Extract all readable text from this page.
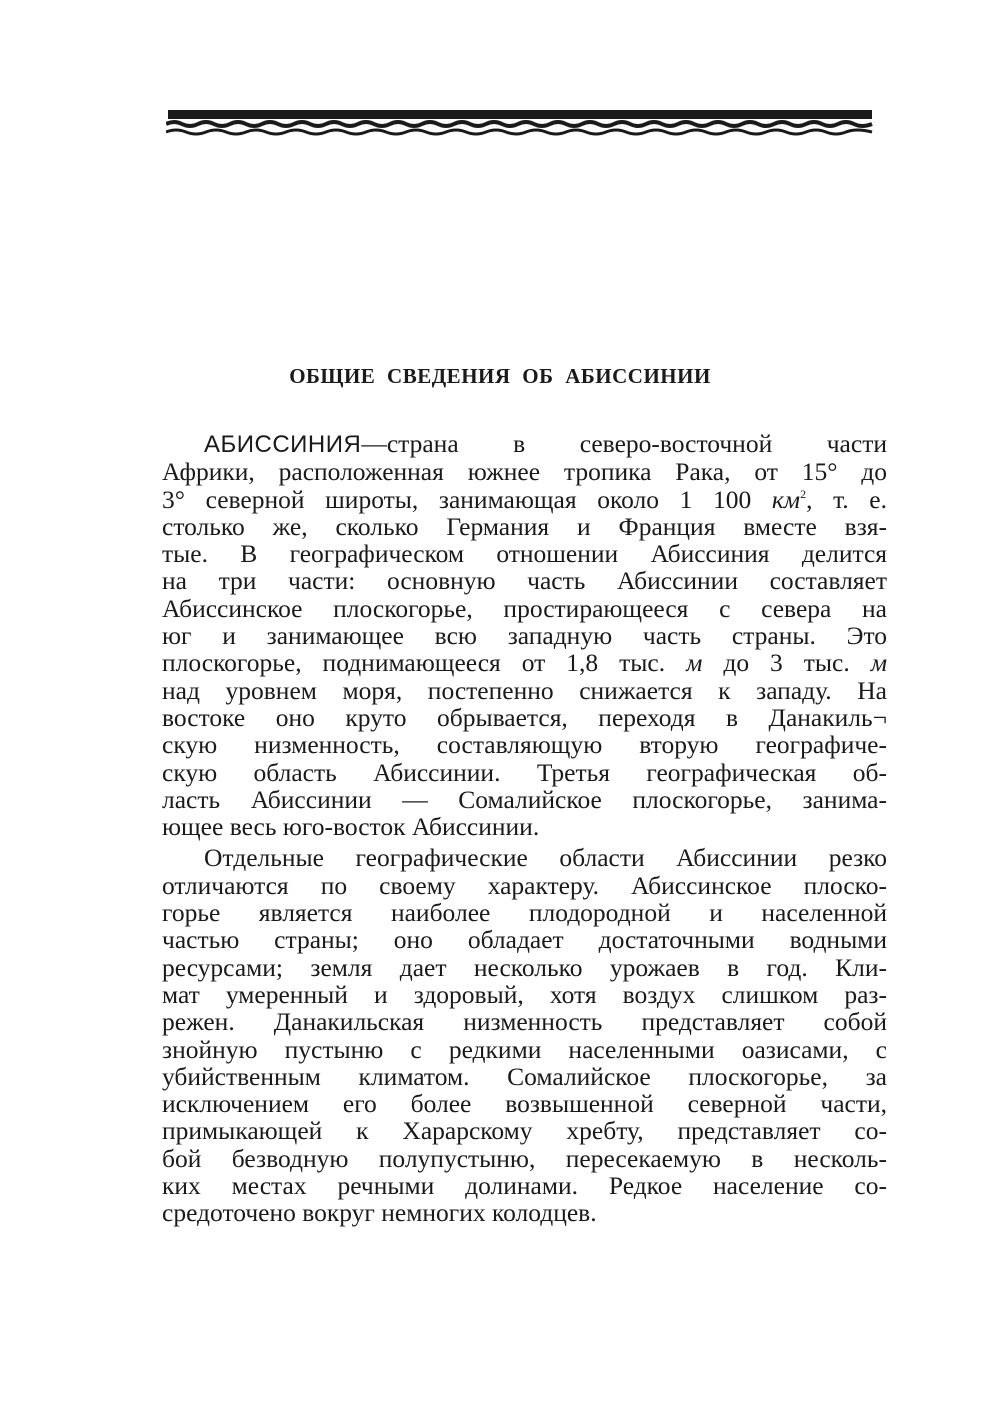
ОБЩИЕ СВЕДЕНИЯ ОБ АБИССИНИИ
АБИССИНИЯ—страна в северо-восточной части
Африки, расположенная южнее тропика Рака, от 15° до
3° северной широты, занимающая около 1 100 $км^2$, т. е.
столько же, сколько Германия и Франция вместе взя-
тые. В географическом отношении Абиссиния делится
на три части: основную часть Абиссинии составляет
Абиссинское плоскогорье, простирающееся с севера на
юг и занимающее всю западную часть страны. Это
плоскогорье, поднимающееся от 1,8 тыс. м до 3 тыс. м
над уровнем моря, постепенно снижается к западу. На
востоке оно круто обрывается, переходя в Данакиль¬
скую низменность, составляющую вторую географиче-
скую область Абиссинии. Третья географическая об-
ласть Абиссинии — Сомалийское плоскогорье, занима-
ющее весь юго-восток Абиссинии.
Отдельные географические области Абиссинии резко
отличаются по своему характеру. Абиссинское плоско-
горье является наиболее плодородной и населенной
частью страны; оно обладает достаточными водными
ресурсами; земля дает несколько урожаев в год. Кли-
мат умеренный и здоровый, хотя воздух слишком раз-
режен. Данакильская низменность представляет собой
знойную пустыню с редкими населенными оазисами, с
убийственным климатом. Сомалийское плоскогорье, за
исключением его более возвышенной северной части,
примыкающей к Харарскому хребту, представляет со-
бой безводную полупустыню, пересекаемую в несколь-
ких местах речными долинами. Редкое население со-
средоточено вокруг немногих колодцев.
